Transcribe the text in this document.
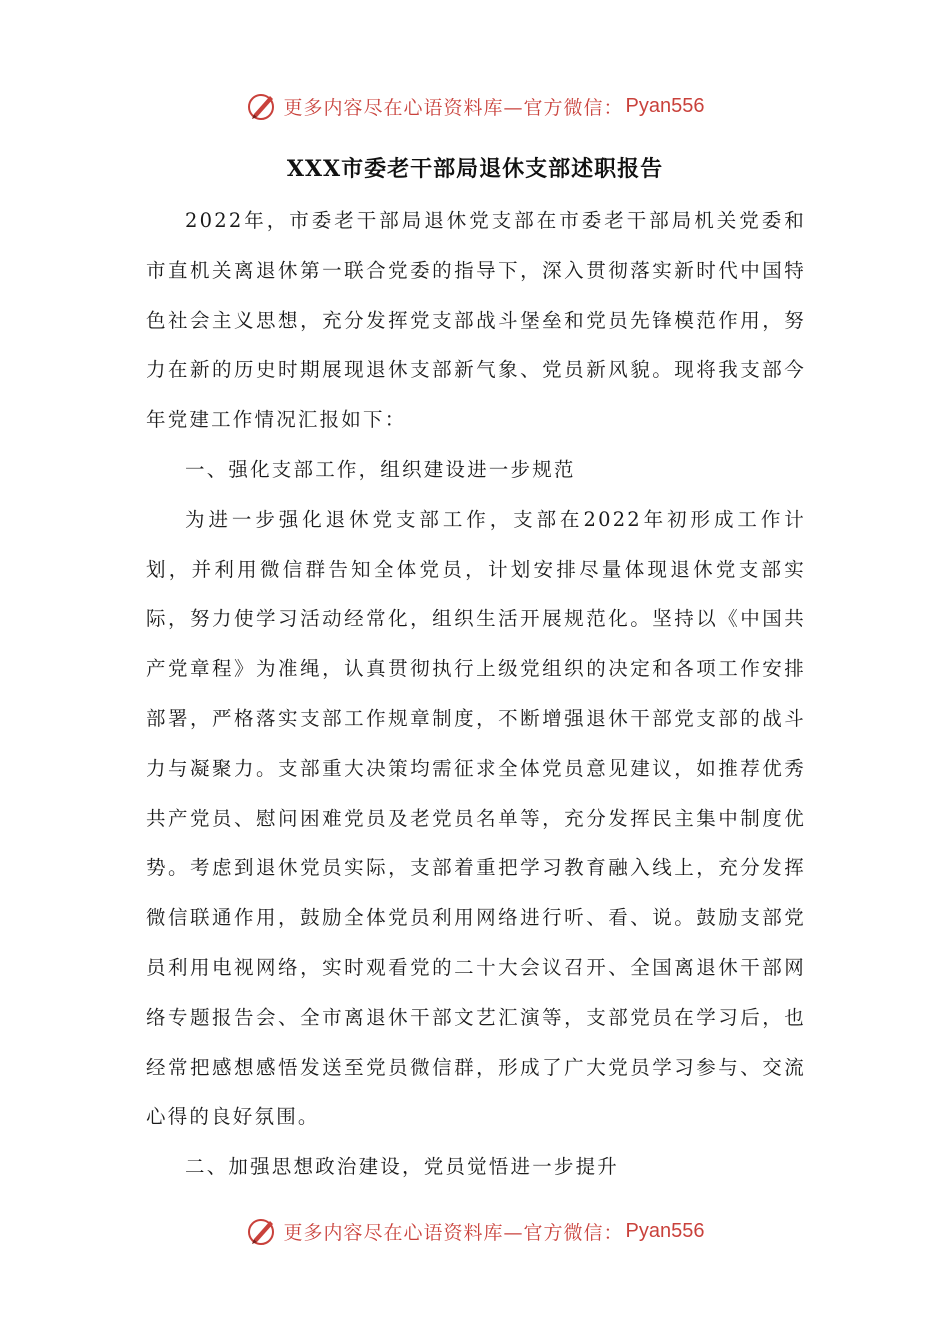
更多内容尽在心语资料库—官方微信： Pyan556
XXX市委老干部局退休支部述职报告

2022年，市委老干部局退休党支部在市委老干部局机关党委和市直机关离退休第一联合党委的指导下，深入贯彻落实新时代中国特色社会主义思想，充分发挥党支部战斗堡垒和党员先锋模范作用，努力在新的历史时期展现退休支部新气象、党员新风貌。现将我支部今年党建工作情况汇报如下：

一、强化支部工作，组织建设进一步规范

为进一步强化退休党支部工作，支部在2022年初形成工作计划，并利用微信群告知全体党员，计划安排尽量体现退休党支部实际，努力使学习活动经常化，组织生活开展规范化。坚持以《中国共产党章程》为准绳，认真贯彻执行上级党组织的决定和各项工作安排部署，严格落实支部工作规章制度，不断增强退休干部党支部的战斗力与凝聚力。支部重大决策均需征求全体党员意见建议，如推荐优秀共产党员、慰问困难党员及老党员名单等，充分发挥民主集中制度优势。考虑到退休党员实际，支部着重把学习教育融入线上，充分发挥微信联通作用，鼓励全体党员利用网络进行听、看、说。鼓励支部党员利用电视网络，实时观看党的二十大会议召开、全国离退休干部网络专题报告会、全市离退休干部文艺汇演等，支部党员在学习后，也经常把感想感悟发送至党员微信群，形成了广大党员学习参与、交流心得的良好氛围。

二、加强思想政治建设，党员觉悟进一步提升

更多内容尽在心语资料库—官方微信： Pyan556
